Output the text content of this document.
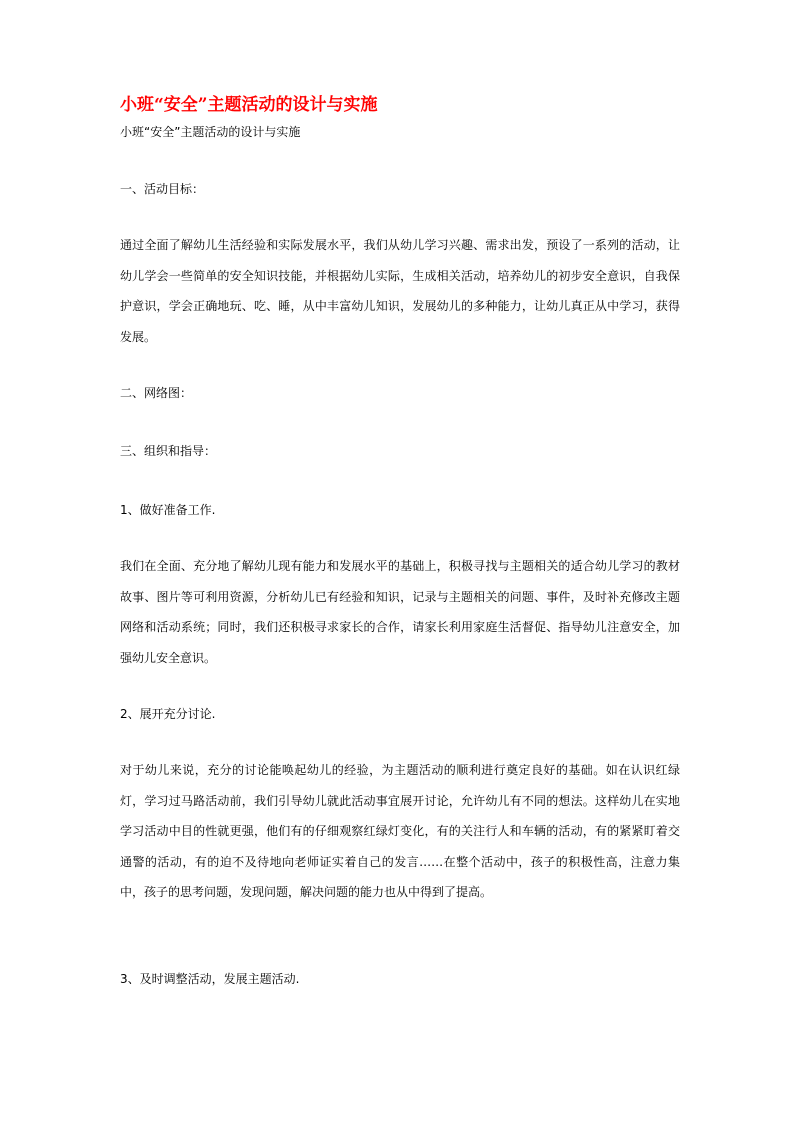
小班“安全”主题活动的设计与实施

小班“安全”主题活动的设计与实施

一、活动目标：

通过全面了解幼儿生活经验和实际发展水平，我们从幼儿学习兴趣、需求出发，预设了一系列的活动，让幼儿学会一些简单的安全知识技能，并根据幼儿实际，生成相关活动，培养幼儿的初步安全意识，自我保护意识，学会正确地玩、吃、睡，从中丰富幼儿知识，发展幼儿的多种能力，让幼儿真正从中学习，获得发展。

二、网络图：

三、组织和指导：

1、做好准备工作.

我们在全面、充分地了解幼儿现有能力和发展水平的基础上，积极寻找与主题相关的适合幼儿学习的教材故事、图片等可利用资源，分析幼儿已有经验和知识，记录与主题相关的问题、事件，及时补充修改主题网络和活动系统；同时，我们还积极寻求家长的合作，请家长利用家庭生活督促、指导幼儿注意安全，加强幼儿安全意识。

2、展开充分讨论.

对于幼儿来说，充分的讨论能唤起幼儿的经验，为主题活动的顺利进行奠定良好的基础。如在认识红绿灯，学习过马路活动前，我们引导幼儿就此活动事宜展开讨论，允许幼儿有不同的想法。这样幼儿在实地学习活动中目的性就更强，他们有的仔细观察红绿灯变化，有的关注行人和车辆的活动，有的紧紧盯着交通警的活动，有的迫不及待地向老师证实着自己的发言……在整个活动中，孩子的积极性高，注意力集中，孩子的思考问题，发现问题，解决问题的能力也从中得到了提高。

3、及时调整活动，发展主题活动.
